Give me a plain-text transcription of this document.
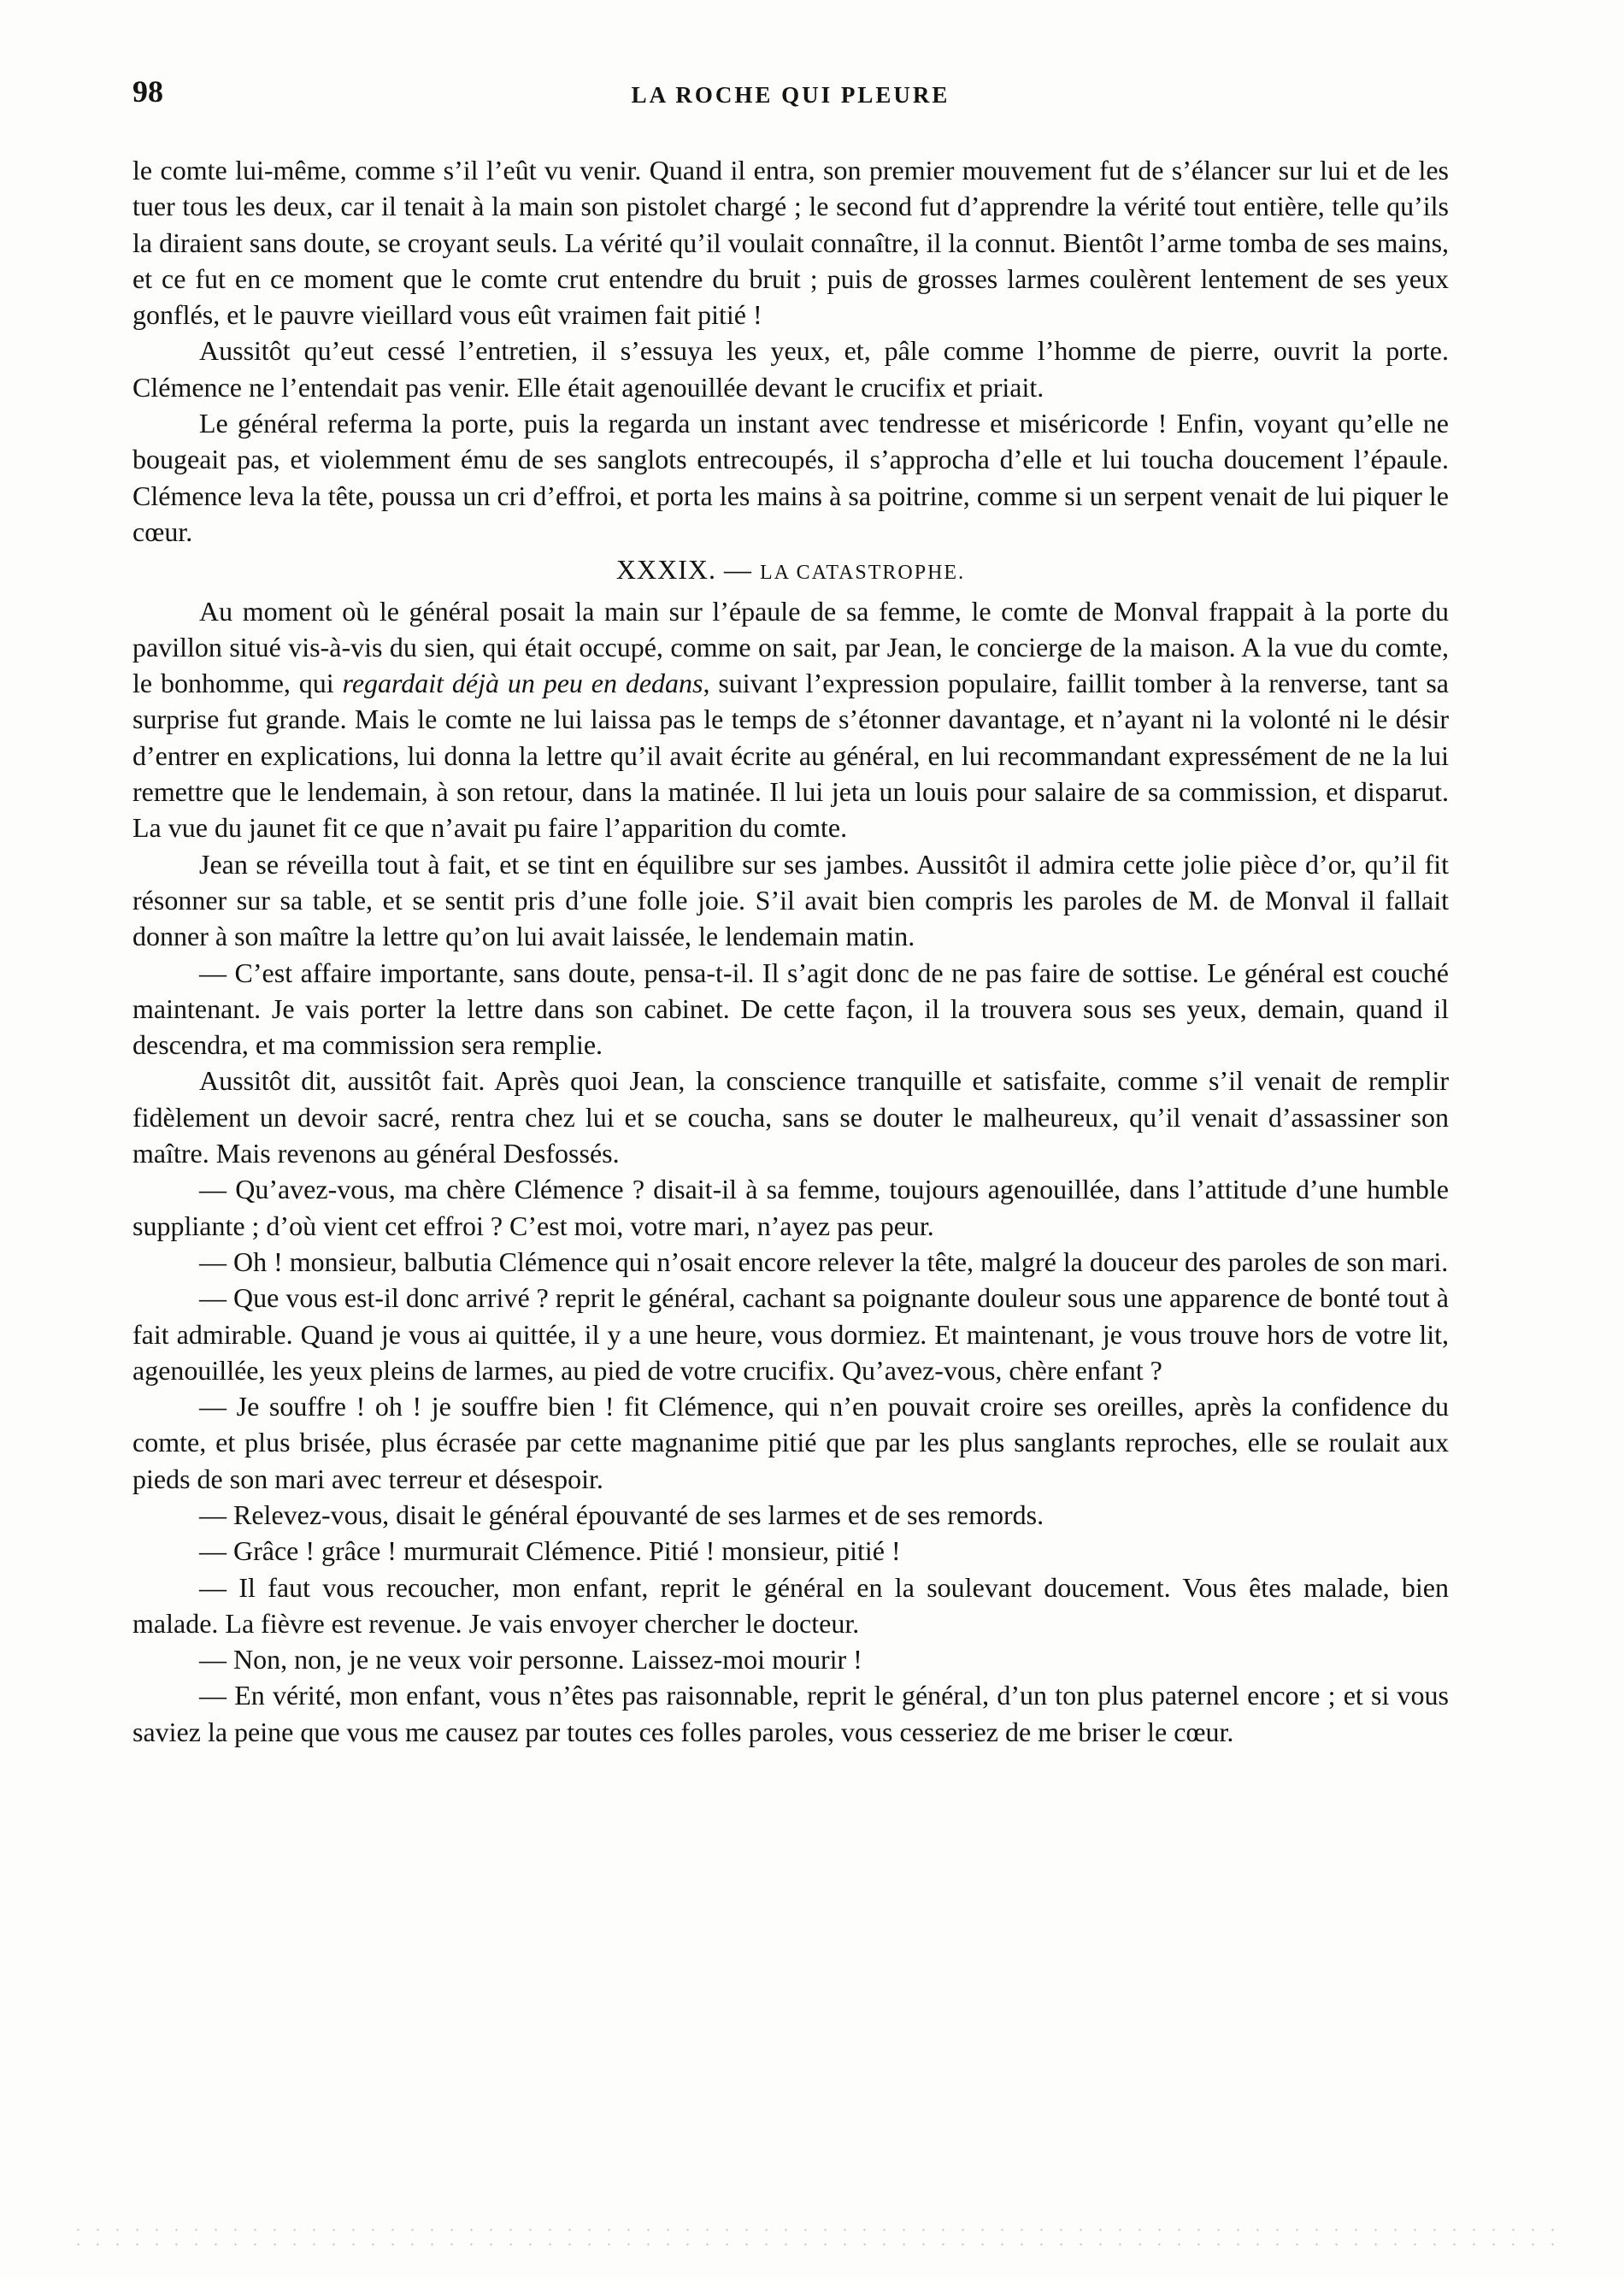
98	LA ROCHE QUI PLEURE

le comte lui-même, comme s’il l’eût vu venir. Quand il entra, son premier mouvement fut de s’élancer sur lui et de les tuer tous les deux, car il tenait à la main son pistolet chargé ; le second fut d’apprendre la vérité tout entière, telle qu’ils la diraient sans doute, se croyant seuls. La vérité qu’il voulait connaître, il la connut. Bientôt l’arme tomba de ses mains, et ce fut en ce moment que le comte crut entendre du bruit ; puis de grosses larmes coulèrent lentement de ses yeux gonflés, et le pauvre vieillard vous eût vraimen fait pitié !

Aussitôt qu’eut cessé l’entretien, il s’essuya les yeux, et, pâle comme l’homme de pierre, ouvrit la porte. Clémence ne l’entendait pas venir. Elle était agenouillée devant le crucifix et priait.

Le général referma la porte, puis la regarda un instant avec tendresse et miséricorde ! Enfin, voyant qu’elle ne bougeait pas, et violemment ému de ses sanglots entrecoupés, il s’approcha d’elle et lui toucha doucement l’épaule. Clémence leva la tête, poussa un cri d’effroi, et porta les mains à sa poitrine, comme si un serpent venait de lui piquer le cœur.

XXXIX. — LA CATASTROPHE.

Au moment où le général posait la main sur l’épaule de sa femme, le comte de Monval frappait à la porte du pavillon situé vis-à-vis du sien, qui était occupé, comme on sait, par Jean, le concierge de la maison. A la vue du comte, le bonhomme, qui regardait déjà un peu en dedans, suivant l’expression populaire, faillit tomber à la renverse, tant sa surprise fut grande. Mais le comte ne lui laissa pas le temps de s’étonner davantage, et n’ayant ni la volonté ni le désir d’entrer en explications, lui donna la lettre qu’il avait écrite au général, en lui recommandant expressément de ne la lui remettre que le lendemain, à son retour, dans la matinée. Il lui jeta un louis pour salaire de sa commission, et disparut. La vue du jaunet fit ce que n’avait pu faire l’apparition du comte.

Jean se réveilla tout à fait, et se tint en équilibre sur ses jambes. Aussitôt il admira cette jolie pièce d’or, qu’il fit résonner sur sa table, et se sentit pris d’une folle joie. S’il avait bien compris les paroles de M. de Monval il fallait donner à son maître la lettre qu’on lui avait laissée, le lendemain matin.

— C’est affaire importante, sans doute, pensa-t-il. Il s’agit donc de ne pas faire de sottise. Le général est couché maintenant. Je vais porter la lettre dans son cabinet. De cette façon, il la trouvera sous ses yeux, demain, quand il descendra, et ma commission sera remplie.

Aussitôt dit, aussitôt fait. Après quoi Jean, la conscience tranquille et satisfaite, comme s’il venait de remplir fidèlement un devoir sacré, rentra chez lui et se coucha, sans se douter le malheureux, qu’il venait d’assassiner son maître. Mais revenons au général Desfossés.

— Qu’avez-vous, ma chère Clémence ? disait-il à sa femme, toujours agenouillée, dans l’attitude d’une humble suppliante ; d’où vient cet effroi ? C’est moi, votre mari, n’ayez pas peur.

— Oh ! monsieur, balbutia Clémence qui n’osait encore relever la tête, malgré la douceur des paroles de son mari.

— Que vous est-il donc arrivé ? reprit le général, cachant sa poignante douleur sous une apparence de bonté tout à fait admirable. Quand je vous ai quittée, il y a une heure, vous dormiez. Et maintenant, je vous trouve hors de votre lit, agenouillée, les yeux pleins de larmes, au pied de votre crucifix. Qu’avez-vous, chère enfant ?

— Je souffre ! oh ! je souffre bien ! fit Clémence, qui n’en pouvait croire ses oreilles, après la confidence du comte, et plus brisée, plus écrasée par cette magnanime pitié que par les plus sanglants reproches, elle se roulait aux pieds de son mari avec terreur et désespoir.

— Relevez-vous, disait le général épouvanté de ses larmes et de ses remords.

— Grâce ! grâce ! murmurait Clémence. Pitié ! monsieur, pitié !

— Il faut vous recoucher, mon enfant, reprit le général en la soulevant doucement. Vous êtes malade, bien malade. La fièvre est revenue. Je vais envoyer chercher le docteur.

— Non, non, je ne veux voir personne. Laissez-moi mourir !

— En vérité, mon enfant, vous n’êtes pas raisonnable, reprit le général, d’un ton plus paternel encore ; et si vous saviez la peine que vous me causez par toutes ces folles paroles, vous cesseriez de me briser le cœur.
